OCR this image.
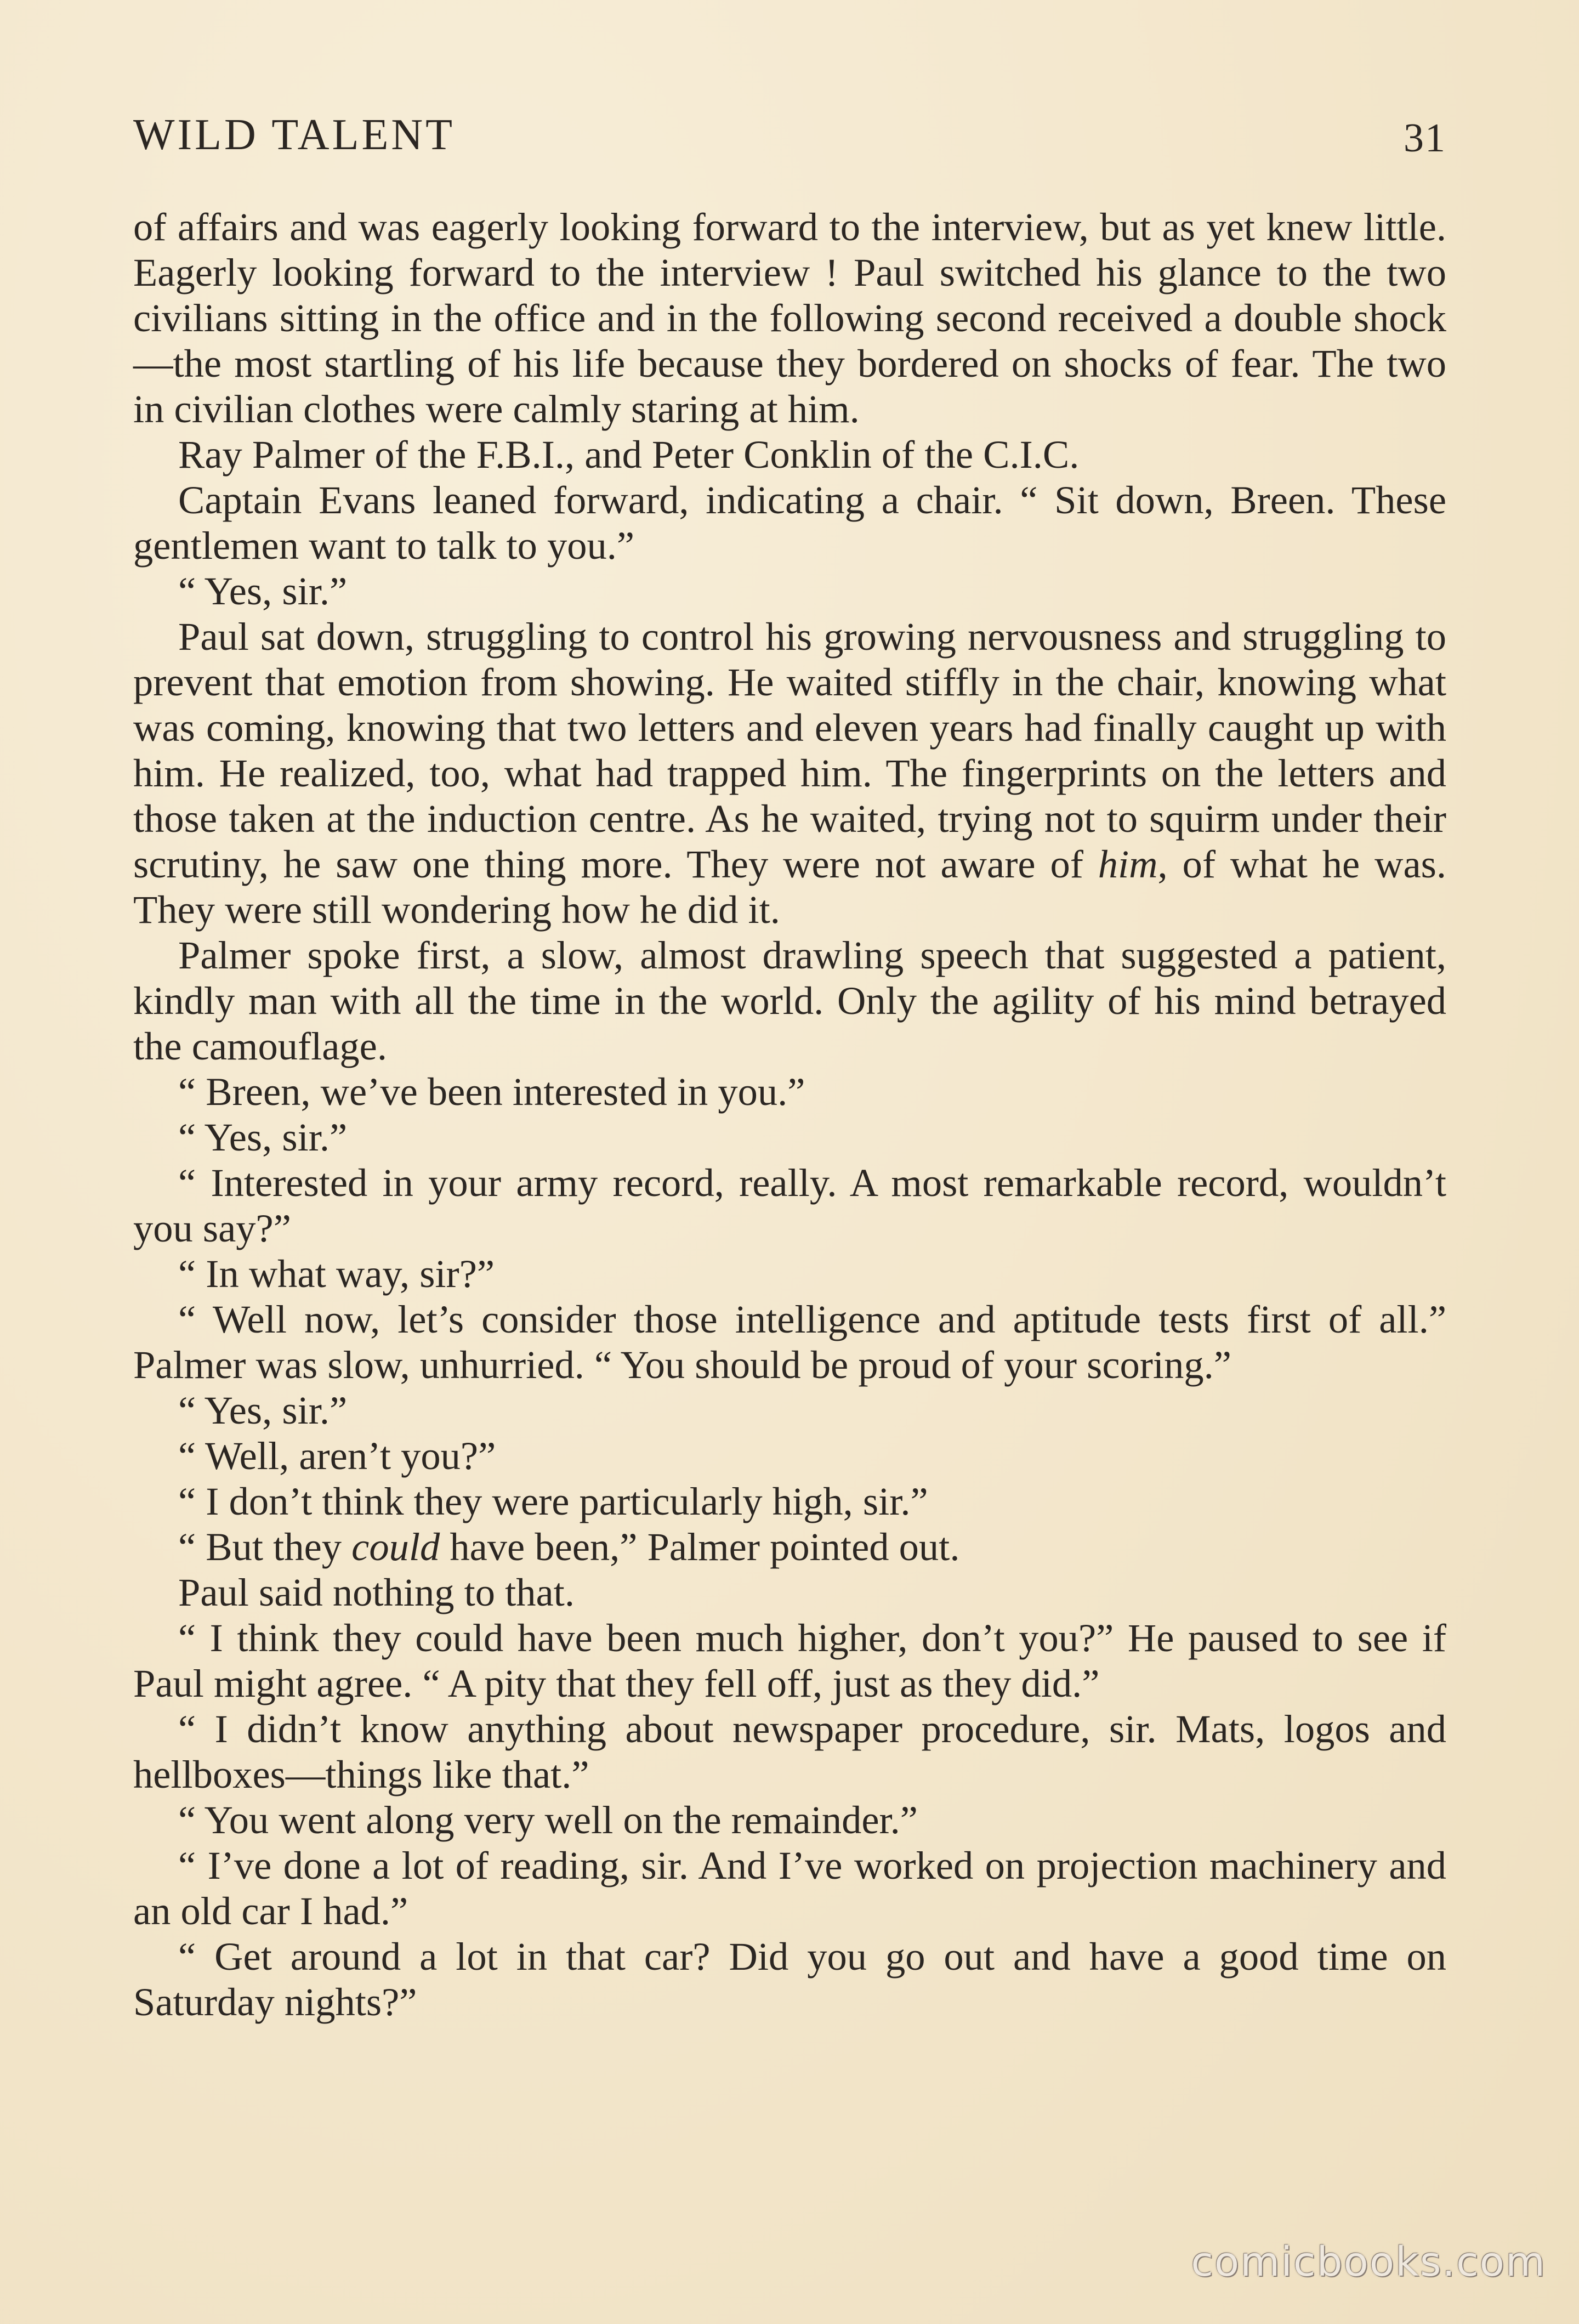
WILD TALENT	31

of affairs and was eagerly looking forward to the interview, but as yet knew little. Eagerly looking forward to the interview ! Paul switched his glance to the two civilians sitting in the office and in the following second received a double shock—the most startling of his life because they bordered on shocks of fear. The two in civilian clothes were calmly staring at him.

Ray Palmer of the F.B.I., and Peter Conklin of the C.I.C.

Captain Evans leaned forward, indicating a chair. “ Sit down, Breen. These gentlemen want to talk to you.”

“ Yes, sir.”

Paul sat down, struggling to control his growing nervousness and struggling to prevent that emotion from showing. He waited stiffly in the chair, knowing what was coming, knowing that two letters and eleven years had finally caught up with him. He realized, too, what had trapped him. The fingerprints on the letters and those taken at the induction centre. As he waited, trying not to squirm under their scrutiny, he saw one thing more. They were not aware of him, of what he was. They were still wondering how he did it.

Palmer spoke first, a slow, almost drawling speech that suggested a patient, kindly man with all the time in the world. Only the agility of his mind betrayed the camouflage.

“ Breen, we’ve been interested in you.”

“ Yes, sir.”

“ Interested in your army record, really. A most remarkable record, wouldn’t you say?”

“ In what way, sir?”

“ Well now, let’s consider those intelligence and aptitude tests first of all.” Palmer was slow, unhurried. “ You should be proud of your scoring.”

“ Yes, sir.”

“ Well, aren’t you?”

“ I don’t think they were particularly high, sir.”

“ But they could have been,” Palmer pointed out.

Paul said nothing to that.

“ I think they could have been much higher, don’t you?” He paused to see if Paul might agree. “ A pity that they fell off, just as they did.”

“ I didn’t know anything about newspaper procedure, sir. Mats, logos and hellboxes—things like that.”

“ You went along very well on the remainder.”

“ I’ve done a lot of reading, sir. And I’ve worked on projection machinery and an old car I had.”

“ Get around a lot in that car? Did you go out and have a good time on Saturday nights?”

comicbooks.com
